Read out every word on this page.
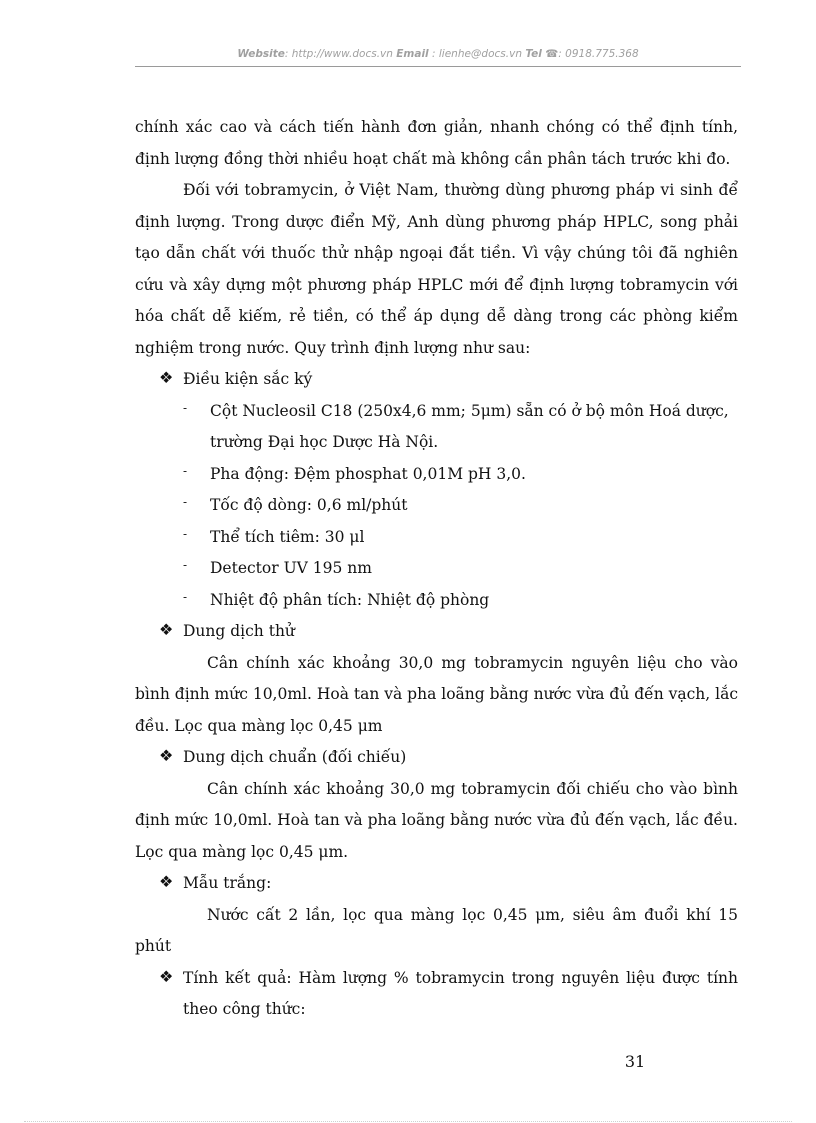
Website: http://www.docs.vn Email : lienhe@docs.vn Tel ☎: 0918.775.368

chính xác cao và cách tiến hành đơn giản, nhanh chóng có thể định tính, định lượng đồng thời nhiều hoạt chất mà không cần phân tách trước khi đo.

Đối với tobramycin, ở Việt Nam, thường dùng phương pháp vi sinh để định lượng. Trong dược điển Mỹ, Anh dùng phương pháp HPLC, song phải tạo dẫn chất với thuốc thử nhập ngoại đắt tiền. Vì vậy chúng tôi đã nghiên cứu và xây dựng một phương pháp HPLC mới để định lượng tobramycin với hóa chất dễ kiếm, rẻ tiền, có thể áp dụng dễ dàng trong các phòng kiểm nghiệm trong nước. Quy trình định lượng như sau:

❖ Điều kiện sắc ký
-	Cột Nucleosil C18 (250x4,6 mm; 5μm) sẵn có ở bộ môn Hoá dược, trường Đại học Dược Hà Nội.
-	Pha động: Đệm phosphat 0,01M pH 3,0.
-	Tốc độ dòng: 0,6 ml/phút
-	Thể tích tiêm: 30 μl
-	Detector UV 195 nm
-	Nhiệt độ phân tích: Nhiệt độ phòng
❖ Dung dịch thử

Cân chính xác khoảng 30,0 mg tobramycin nguyên liệu cho vào bình định mức 10,0ml. Hoà tan và pha loãng bằng nước vừa đủ đến vạch, lắc đều. Lọc qua màng lọc 0,45 μm

❖ Dung dịch chuẩn (đối chiếu)

Cân chính xác khoảng 30,0 mg tobramycin đối chiếu cho vào bình định mức 10,0ml. Hoà tan và pha loãng bằng nước vừa đủ đến vạch, lắc đều. Lọc qua màng lọc 0,45 μm.

❖ Mẫu trắng:

Nước cất 2 lần, lọc qua màng lọc 0,45 μm, siêu âm đuổi khí 15 phút

❖ Tính kết quả: Hàm lượng % tobramycin trong nguyên liệu được tính theo công thức:
31
